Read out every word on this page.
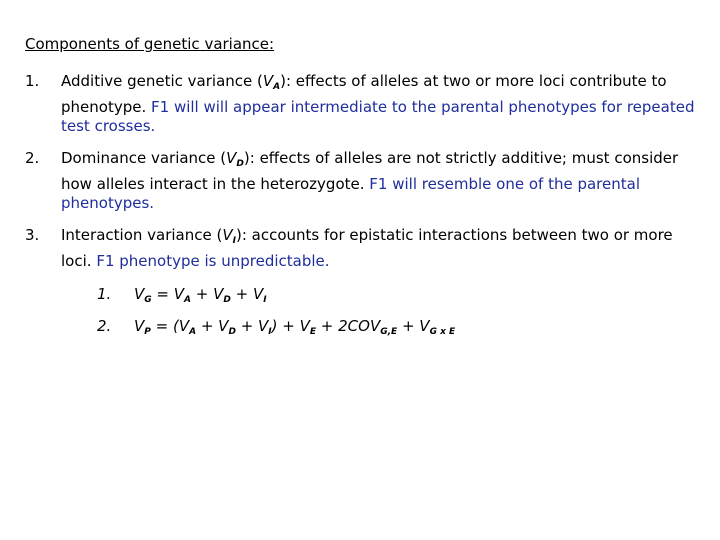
Components of genetic variance:
1. Additive genetic variance $(V_A)$: effects of alleles at two or more loci contribute to phenotype. F1 will will appear intermediate to the parental phenotypes for repeated test crosses.
2. Dominance variance $(V_D)$: effects of alleles are not strictly additive; must consider how alleles interact in the heterozygote. F1 will resemble one of the parental phenotypes.
3. Interaction variance $(V_I)$: accounts for epistatic interactions between two or more loci. F1 phenotype is unpredictable.
1. $V_G = V_A + V_D + V_I$
2. $V_P = (V_A + V_D + V_I) + V_E + 2COV_{G,E} + V_{G x E}$
